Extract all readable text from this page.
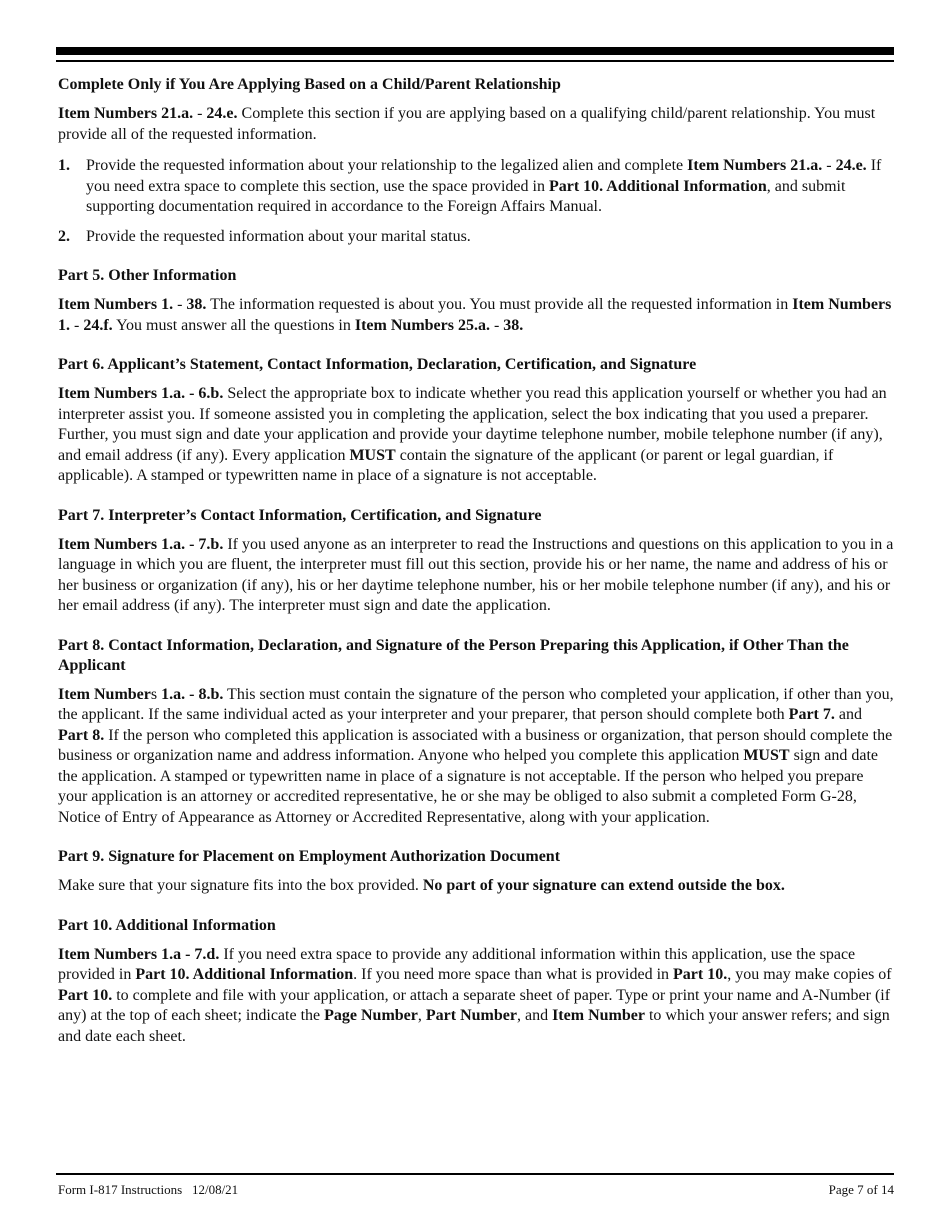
Complete Only if You Are Applying Based on a Child/Parent Relationship

Item Numbers 21.a. - 24.e. Complete this section if you are applying based on a qualifying child/parent relationship. You must provide all of the requested information.

1.	Provide the requested information about your relationship to the legalized alien and complete Item Numbers 21.a. - 24.e. If you need extra space to complete this section, use the space provided in Part 10. Additional Information, and submit supporting documentation required in accordance to the Foreign Affairs Manual.
2.	Provide the requested information about your marital status.
Part 5. Other Information

Item Numbers 1. - 38. The information requested is about you. You must provide all the requested information in Item Numbers 1. - 24.f. You must answer all the questions in Item Numbers 25.a. - 38.

Part 6. Applicant’s Statement, Contact Information, Declaration, Certification, and Signature

Item Numbers 1.a. - 6.b. Select the appropriate box to indicate whether you read this application yourself or whether you had an interpreter assist you. If someone assisted you in completing the application, select the box indicating that you used a preparer. Further, you must sign and date your application and provide your daytime telephone number, mobile telephone number (if any), and email address (if any). Every application MUST contain the signature of the applicant (or parent or legal guardian, if applicable). A stamped or typewritten name in place of a signature is not acceptable.

Part 7. Interpreter’s Contact Information, Certification, and Signature

Item Numbers 1.a. - 7.b. If you used anyone as an interpreter to read the Instructions and questions on this application to you in a language in which you are fluent, the interpreter must fill out this section, provide his or her name, the name and address of his or her business or organization (if any), his or her daytime telephone number, his or her mobile telephone number (if any), and his or her email address (if any). The interpreter must sign and date the application.

Part 8. Contact Information, Declaration, and Signature of the Person Preparing this Application, if Other Than the Applicant

Item Numbers 1.a. - 8.b. This section must contain the signature of the person who completed your application, if other than you, the applicant. If the same individual acted as your interpreter and your preparer, that person should complete both Part 7. and Part 8. If the person who completed this application is associated with a business or organization, that person should complete the business or organization name and address information. Anyone who helped you complete this application MUST sign and date the application. A stamped or typewritten name in place of a signature is not acceptable. If the person who helped you prepare your application is an attorney or accredited representative, he or she may be obliged to also submit a completed Form G-28, Notice of Entry of Appearance as Attorney or Accredited Representative, along with your application.

Part 9. Signature for Placement on Employment Authorization Document

Make sure that your signature fits into the box provided. No part of your signature can extend outside the box.

Part 10. Additional Information

Item Numbers 1.a - 7.d. If you need extra space to provide any additional information within this application, use the space provided in Part 10. Additional Information. If you need more space than what is provided in Part 10., you may make copies of Part 10. to complete and file with your application, or attach a separate sheet of paper. Type or print your name and A-Number (if any) at the top of each sheet; indicate the Page Number, Part Number, and Item Number to which your answer refers; and sign and date each sheet.

Form I-817 Instructions   12/08/21	Page 7 of 14
